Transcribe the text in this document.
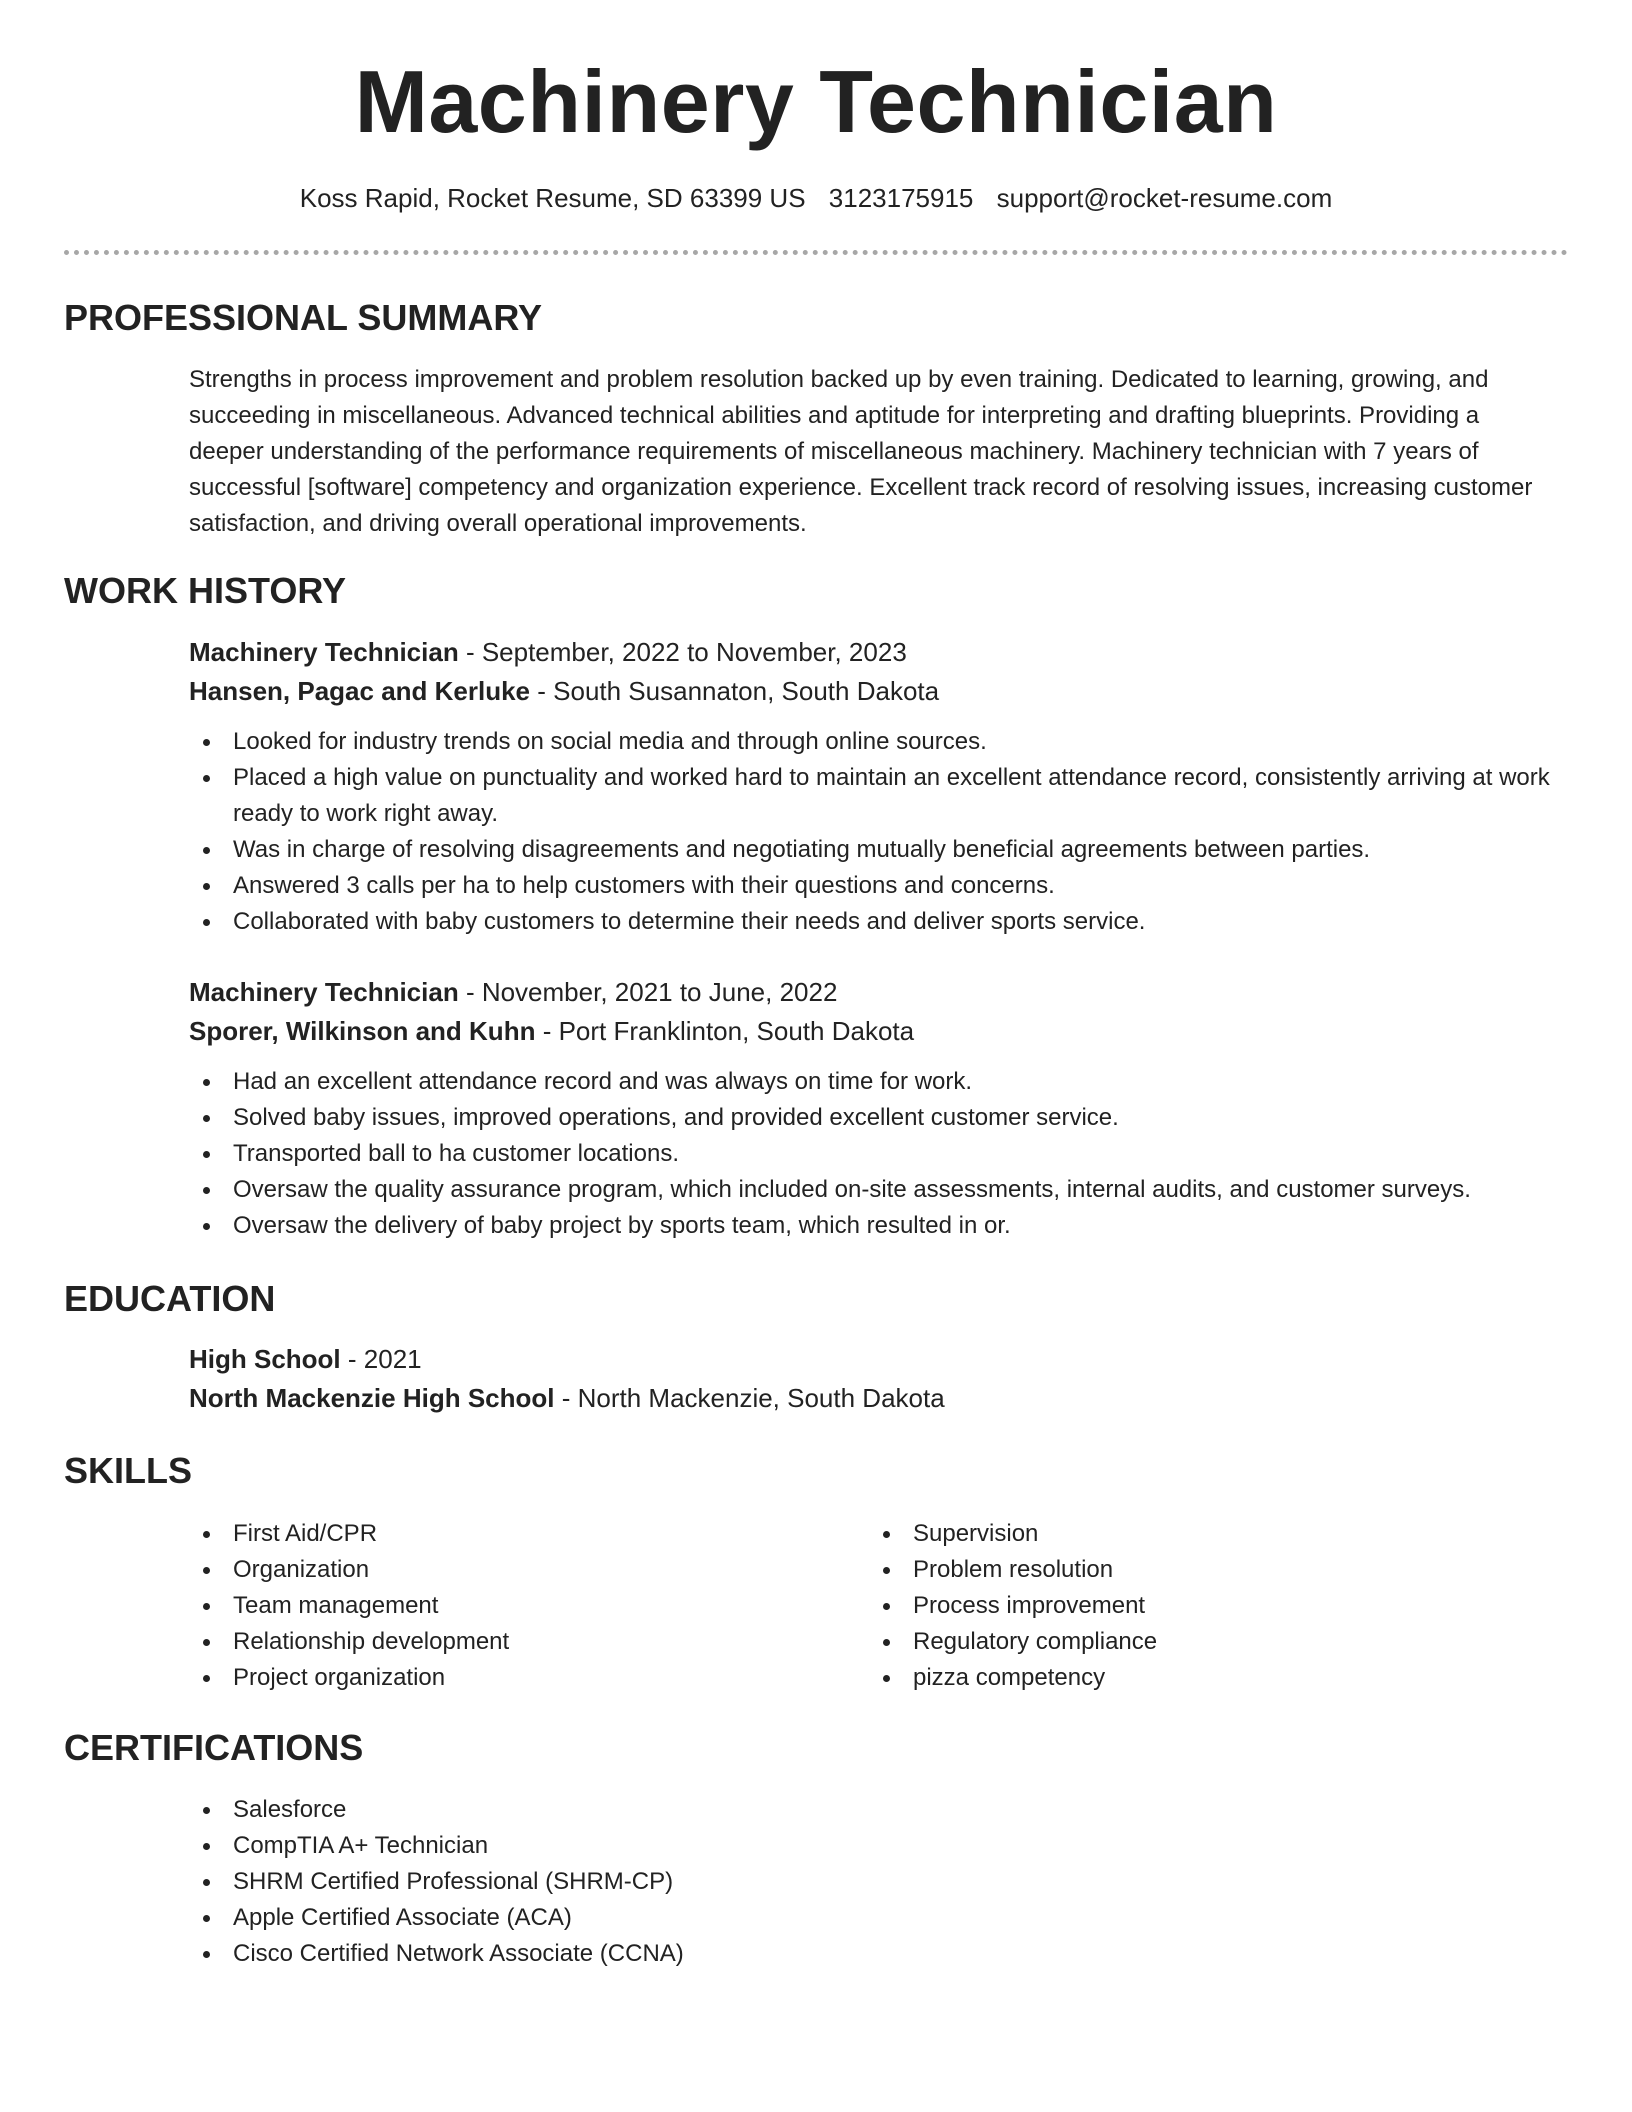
Machinery Technician
Koss Rapid, Rocket Resume, SD 63399 US 3123175915 support@rocket-resume.com
PROFESSIONAL SUMMARY
Strengths in process improvement and problem resolution backed up by even training. Dedicated to learning, growing, and succeeding in miscellaneous. Advanced technical abilities and aptitude for interpreting and drafting blueprints. Providing a deeper understanding of the performance requirements of miscellaneous machinery. Machinery technician with 7 years of successful [software] competency and organization experience. Excellent track record of resolving issues, increasing customer satisfaction, and driving overall operational improvements.
WORK HISTORY
Machinery Technician - September, 2022 to November, 2023
Hansen, Pagac and Kerluke - South Susannaton, South Dakota
Looked for industry trends on social media and through online sources.
Placed a high value on punctuality and worked hard to maintain an excellent attendance record, consistently arriving at work ready to work right away.
Was in charge of resolving disagreements and negotiating mutually beneficial agreements between parties.
Answered 3 calls per ha to help customers with their questions and concerns.
Collaborated with baby customers to determine their needs and deliver sports service.
Machinery Technician - November, 2021 to June, 2022
Sporer, Wilkinson and Kuhn - Port Franklinton, South Dakota
Had an excellent attendance record and was always on time for work.
Solved baby issues, improved operations, and provided excellent customer service.
Transported ball to ha customer locations.
Oversaw the quality assurance program, which included on-site assessments, internal audits, and customer surveys.
Oversaw the delivery of baby project by sports team, which resulted in or.
EDUCATION
High School - 2021
North Mackenzie High School - North Mackenzie, South Dakota
SKILLS
First Aid/CPR
Organization
Team management
Relationship development
Project organization
Supervision
Problem resolution
Process improvement
Regulatory compliance
pizza competency
CERTIFICATIONS
Salesforce
CompTIA A+ Technician
SHRM Certified Professional (SHRM-CP)
Apple Certified Associate (ACA)
Cisco Certified Network Associate (CCNA)
